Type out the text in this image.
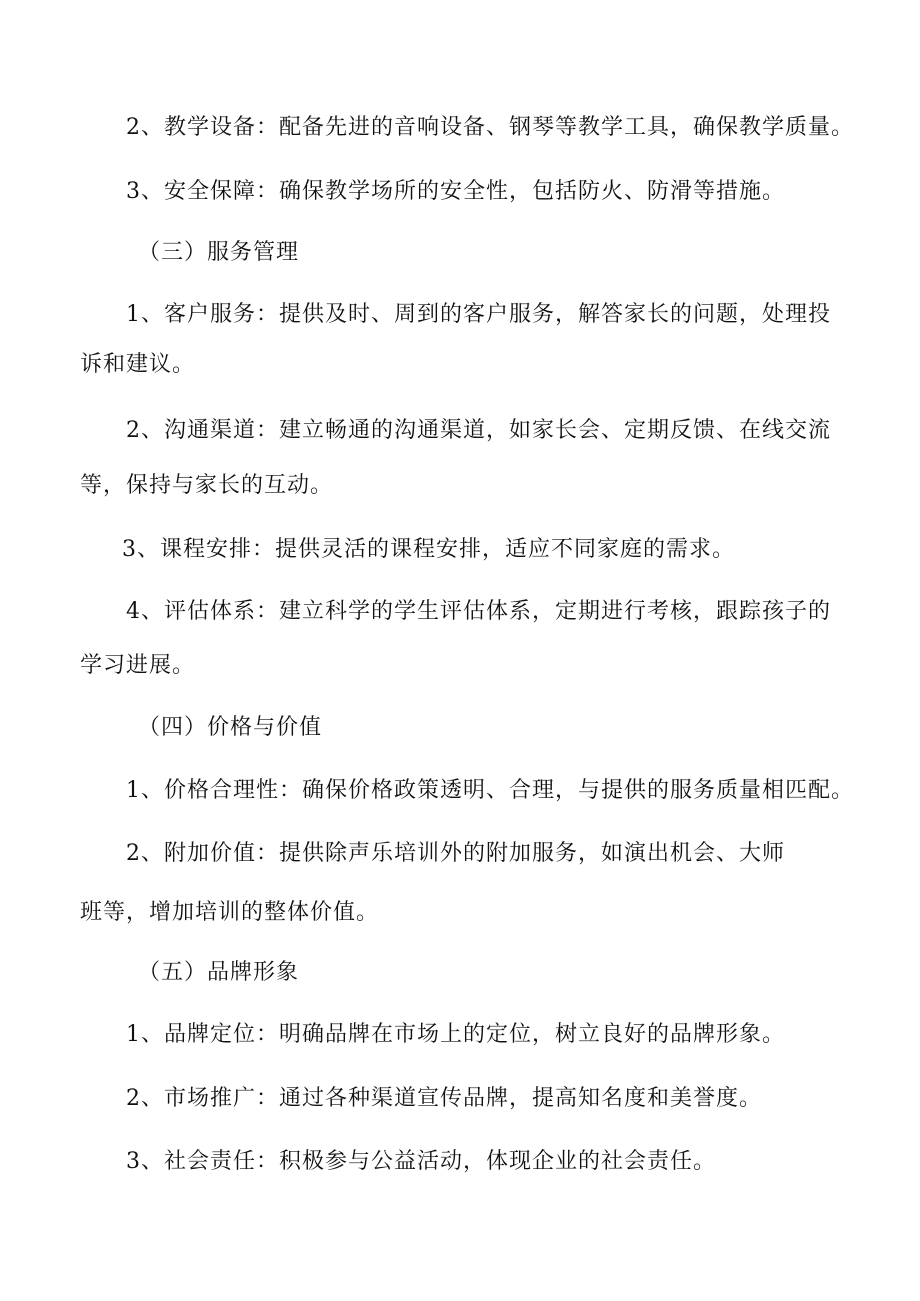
2、教学设备：配备先进的音响设备、钢琴等教学工具，确保教学质量。
3、安全保障：确保教学场所的安全性，包括防火、防滑等措施。
（三）服务管理
1、客户服务：提供及时、周到的客户服务，解答家长的问题，处理投
诉和建议。
2、沟通渠道：建立畅通的沟通渠道，如家长会、定期反馈、在线交流
等，保持与家长的互动。
3、课程安排：提供灵活的课程安排，适应不同家庭的需求。
4、评估体系：建立科学的学生评估体系，定期进行考核，跟踪孩子的
学习进展。
（四）价格与价值
1、价格合理性：确保价格政策透明、合理，与提供的服务质量相匹配。
2、附加价值：提供除声乐培训外的附加服务，如演出机会、大师
班等，增加培训的整体价值。
（五）品牌形象
1、品牌定位：明确品牌在市场上的定位，树立良好的品牌形象。
2、市场推广：通过各种渠道宣传品牌，提高知名度和美誉度。
3、社会责任：积极参与公益活动，体现企业的社会责任。
